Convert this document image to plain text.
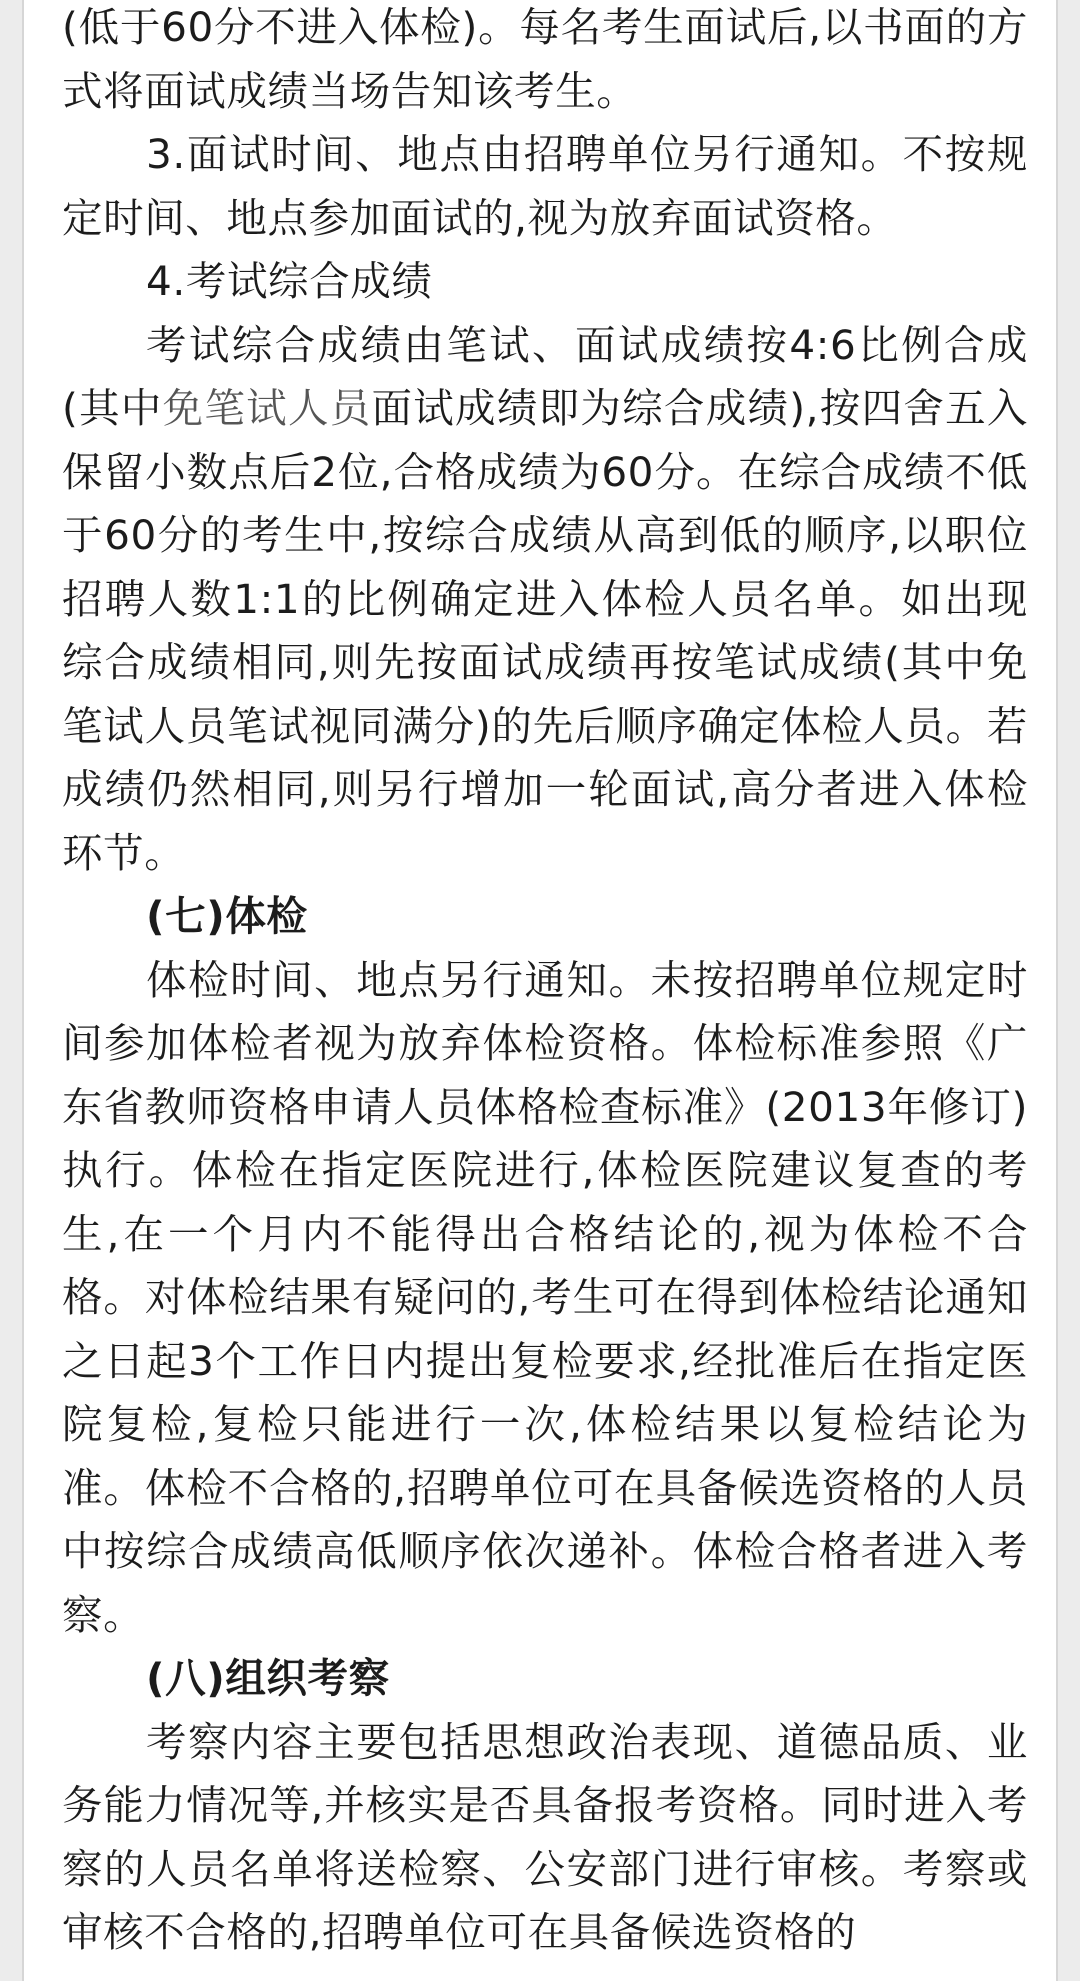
(低于60分不进入体检)。每名考生面试后,以书面的方式将面试成绩当场告知该考生。

3.面试时间、地点由招聘单位另行通知。不按规定时间、地点参加面试的,视为放弃面试资格。

4.考试综合成绩

考试综合成绩由笔试、面试成绩按4:6比例合成(其中免笔试人员面试成绩即为综合成绩),按四舍五入保留小数点后2位,合格成绩为60分。在综合成绩不低于60分的考生中,按综合成绩从高到低的顺序,以职位招聘人数1:1的比例确定进入体检人员名单。如出现综合成绩相同,则先按面试成绩再按笔试成绩(其中免笔试人员笔试视同满分)的先后顺序确定体检人员。若成绩仍然相同,则另行增加一轮面试,高分者进入体检环节。

(七)体检

体检时间、地点另行通知。未按招聘单位规定时间参加体检者视为放弃体检资格。体检标准参照《广东省教师资格申请人员体格检查标准》(2013年修订)执行。体检在指定医院进行,体检医院建议复查的考生,在一个月内不能得出合格结论的,视为体检不合格。对体检结果有疑问的,考生可在得到体检结论通知之日起3个工作日内提出复检要求,经批准后在指定医院复检,复检只能进行一次,体检结果以复检结论为准。体检不合格的,招聘单位可在具备候选资格的人员中按综合成绩高低顺序依次递补。体检合格者进入考察。

(八)组织考察

考察内容主要包括思想政治表现、道德品质、业务能力情况等,并核实是否具备报考资格。同时进入考察的人员名单将送检察、公安部门进行审核。考察或审核不合格的,招聘单位可在具备候选资格的
